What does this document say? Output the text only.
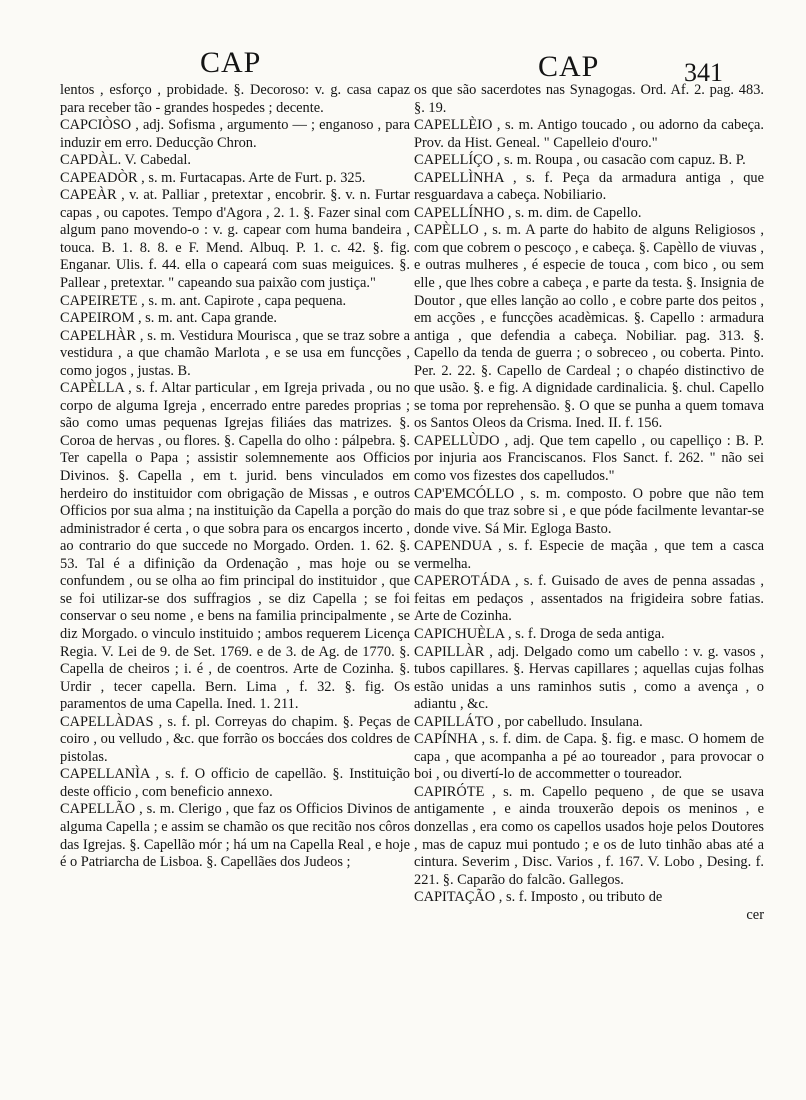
CAP	CAP	341

lentos , esforço , probidade. §. Decoroso: v. g. casa capaz para receber tão - grandes hospedes ; decente.

CAPCIÒSO , adj. Sofisma , argumento — ; enganoso , para induzir em erro. Deducção Chron.

CAPDÀL. V. Cabedal.

CAPEADÒR , s. m. Furtacapas. Arte de Furt. p. 325.

CAPEÀR , v. at. Palliar , pretextar , encobrir. §. v. n. Furtar capas , ou capotes. Tempo d'Agora , 2. 1. §. Fazer sinal com algum pano movendo-o : v. g. capear com huma bandeira , touca. B. 1. 8. 8. e F. Mend. Albuq. P. 1. c. 42. §. fig. Enganar. Ulis. f. 44. ella o capeará com suas meiguices. §. Pallear , pretextar. " capeando sua paixão com justiça."

CAPEIRETE , s. m. ant. Capirote , capa pequena.

CAPEIROM , s. m. ant. Capa grande.

CAPELHÀR , s. m. Vestidura Mourisca , que se traz sobre a vestidura , a que chamão Marlota , e se usa em funcções , como jogos , justas. B.

CAPÈLLA , s. f. Altar particular , em Igreja privada , ou no corpo de alguma Igreja , encerrado entre paredes proprias ; são como umas pequenas Igrejas filiáes das matrizes. §. Coroa de hervas , ou flores. §. Capella do olho : pálpebra. §. Ter capella o Papa ; assistir solemnemente aos Officios Divinos. §. Capella , em t. jurid. bens vinculados em herdeiro do instituidor com obrigação de Missas , e outros Officios por sua alma ; na instituição da Capella a porção do administrador é certa , o que sobra para os encargos incerto , ao contrario do que succede no Morgado. Orden. 1. 62. §. 53. Tal é a difinição da Ordenação , mas hoje ou se confundem , ou se olha ao fim principal do instituidor , que se foi utilizar-se dos suffragios , se diz Capella ; se foi conservar o seu nome , e bens na familia principalmente , se diz Morgado. o vinculo instituido ; ambos requerem Licença Regia. V. Lei de 9. de Set. 1769. e de 3. de Ag. de 1770. §. Capella de cheiros ; i. é , de coentros. Arte de Cozinha. §. Urdir , tecer capella. Bern. Lima , f. 32. §. fig. Os paramentos de uma Capella. Ined. 1. 211.

CAPELLÀDAS , s. f. pl. Correyas do chapim. §. Peças de coiro , ou velludo , &c. que forrão os boccáes dos coldres de pistolas.

CAPELLANÌA , s. f. O officio de capellão. §. Instituição deste officio , com beneficio annexo.

CAPELLÃO , s. m. Clerigo , que faz os Officios Divinos de alguma Capella ; e assim se chamão os que recitão nos côros das Igrejas. §. Capellão mór ; há um na Capella Real , e hoje é o Patriarcha de Lisboa. §. Capellães dos Judeos ;

os que são sacerdotes nas Synagogas. Ord. Af. 2. pag. 483. §. 19.

CAPELLÈIO , s. m. Antigo toucado , ou adorno da cabeça. Prov. da Hist. Geneal. " Capelleio d'ouro."

CAPELLÍÇO , s. m. Roupa , ou casacão com capuz. B. P.

CAPELLÌNHA , s. f. Peça da armadura antiga , que resguardava a cabeça. Nobiliario.

CAPELLÍNHO , s. m. dim. de Capello.

CAPÈLLO , s. m. A parte do habito de alguns Religiosos , com que cobrem o pescoço , e cabeça. §. Capèllo de viuvas , e outras mulheres , é especie de touca , com bico , ou sem elle , que lhes cobre a cabeça , e parte da testa. §. Insignia de Doutor , que elles lanção ao collo , e cobre parte dos peitos , em acções , e funcções acadèmicas. §. Capello : armadura antiga , que defendia a cabeça. Nobiliar. pag. 313. §. Capello da tenda de guerra ; o sobreceo , ou coberta. Pinto. Per. 2. 22. §. Capello de Cardeal ; o chapéo distinctivo de que usão. §. e fig. A dignidade cardinalicia. §. chul. Capello se toma por reprehensão. §. O que se punha a quem tomava os Santos Oleos da Crisma. Ined. II. f. 156.

CAPELLÙDO , adj. Que tem capello , ou capelliço : B. P. por injuria aos Franciscanos. Flos Sanct. f. 262. " não sei como vos fizestes dos capelludos."

CAP'EMCÓLLO , s. m. composto. O pobre que não tem mais do que traz sobre si , e que póde facilmente levantar-se donde vive. Sá Mir. Egloga Basto.

CAPENDUA , s. f. Especie de maçãa , que tem a casca vermelha.

CAPEROTÁDA , s. f. Guisado de aves de penna assadas , feitas em pedaços , assentados na frigideira sobre fatias. Arte de Cozinha.

CAPICHUÈLA , s. f. Droga de seda antiga.

CAPILLÀR , adj. Delgado como um cabello : v. g. vasos , tubos capillares. §. Hervas capillares ; aquellas cujas folhas estão unidas a uns raminhos sutis , como a avença , o adiantu , &c.

CAPILLÁTO , por cabelludo. Insulana.

CAPÍNHA , s. f. dim. de Capa. §. fig. e masc. O homem de capa , que acompanha a pé ao toureador , para provocar o boi , ou divertí-lo de accommetter o toureador.

CAPIRÓTE , s. m. Capello pequeno , de que se usava antigamente , e ainda trouxerão depois os meninos , e donzellas , era como os capellos usados hoje pelos Doutores , mas de capuz mui pontudo ; e os de luto tinhão abas até a cintura. Severim , Disc. Varios , f. 167. V. Lobo , Desing. f. 221. §. Caparão do falcão. Gallegos.

CAPITAÇÃO , s. f. Imposto , ou tributo de

cer
